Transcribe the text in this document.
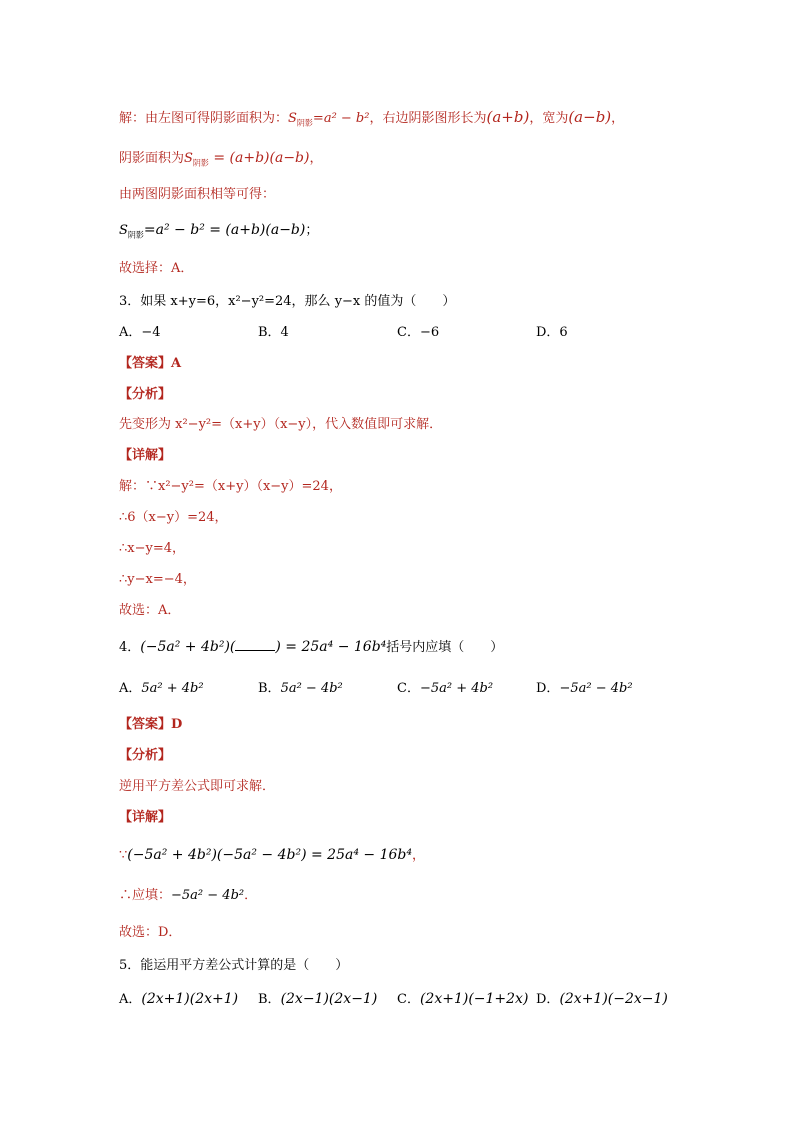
解：由左图可得阴影面积为：$S_{阴影}=a^2 - b^2$，右边阴影图形长为(a+b)，宽为(a−b)，
阴影面积为$S_{阴影} = (a+b)(a-b)$，
由两图阴影面积相等可得：
$S_{阴影}=a^2 - b^2 = (a+b)(a-b)$；
故选择：A．
3．如果 x+y=6，x²−y²=24，那么 y−x 的值为（　　）
A．−4	B．4	C．−6	D．6
【答案】A
【分析】
先变形为 x²−y²=（x+y）（x−y），代入数值即可求解．
【详解】
解：∵x²−y²=（x+y）（x−y）=24，
∴6（x−y）=24，
∴x−y=4，
∴y−x=−4，
故选：A．
4．(−5a² + 4b²)(	) = 25a⁴ − 16b⁴括号内应填（　　）
A．5a² + 4b²	B．5a² − 4b²	C．−5a² + 4b²	D．−5a² − 4b²
【答案】D
【分析】
逆用平方差公式即可求解．
【详解】
∵(−5a² + 4b²)(−5a² − 4b²) = 25a⁴ − 16b⁴，
∴应填：−5a² − 4b²．
故选：D．
5．能运用平方差公式计算的是（　　）
A．(2x+1)(2x+1) B．(2x−1)(2x−1) C．(2x+1)(−1+2x) D．(2x+1)(−2x−1)
